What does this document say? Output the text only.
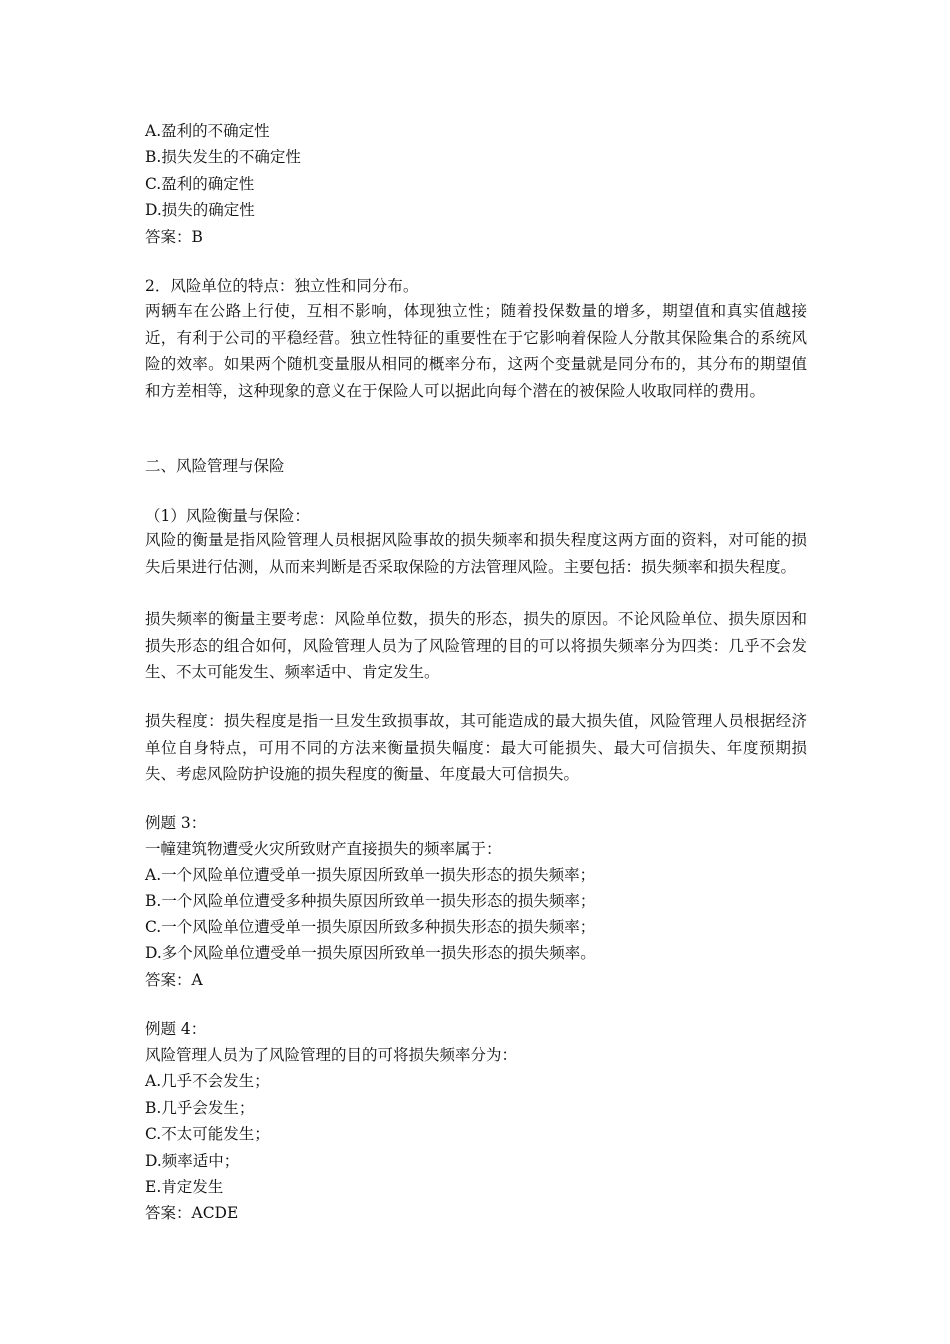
A.盈利的不确定性
B.损失发生的不确定性
C.盈利的确定性
D.损失的确定性
答案：B
2．风险单位的特点：独立性和同分布。
两辆车在公路上行使，互相不影响，体现独立性；随着投保数量的增多，期望值和真实值越接近，有利于公司的平稳经营。独立性特征的重要性在于它影响着保险人分散其保险集合的系统风险的效率。如果两个随机变量服从相同的概率分布，这两个变量就是同分布的，其分布的期望值和方差相等，这种现象的意义在于保险人可以据此向每个潜在的被保险人收取同样的费用。
二、风险管理与保险
（1）风险衡量与保险：
风险的衡量是指风险管理人员根据风险事故的损失频率和损失程度这两方面的资料，对可能的损失后果进行估测，从而来判断是否采取保险的方法管理风险。主要包括：损失频率和损失程度。
损失频率的衡量主要考虑：风险单位数，损失的形态，损失的原因。不论风险单位、损失原因和损失形态的组合如何，风险管理人员为了风险管理的目的可以将损失频率分为四类：几乎不会发生、不太可能发生、频率适中、肯定发生。
损失程度：损失程度是指一旦发生致损事故，其可能造成的最大损失值，风险管理人员根据经济单位自身特点，可用不同的方法来衡量损失幅度：最大可能损失、最大可信损失、年度预期损失、考虑风险防护设施的损失程度的衡量、年度最大可信损失。
例题 3：
一幢建筑物遭受火灾所致财产直接损失的频率属于：
A.一个风险单位遭受单一损失原因所致单一损失形态的损失频率；
B.一个风险单位遭受多种损失原因所致单一损失形态的损失频率；
C.一个风险单位遭受单一损失原因所致多种损失形态的损失频率；
D.多个风险单位遭受单一损失原因所致单一损失形态的损失频率。
答案：A
例题 4：
风险管理人员为了风险管理的目的可将损失频率分为：
A.几乎不会发生；
B.几乎会发生；
C.不太可能发生；
D.频率适中；
E.肯定发生
答案：ACDE
